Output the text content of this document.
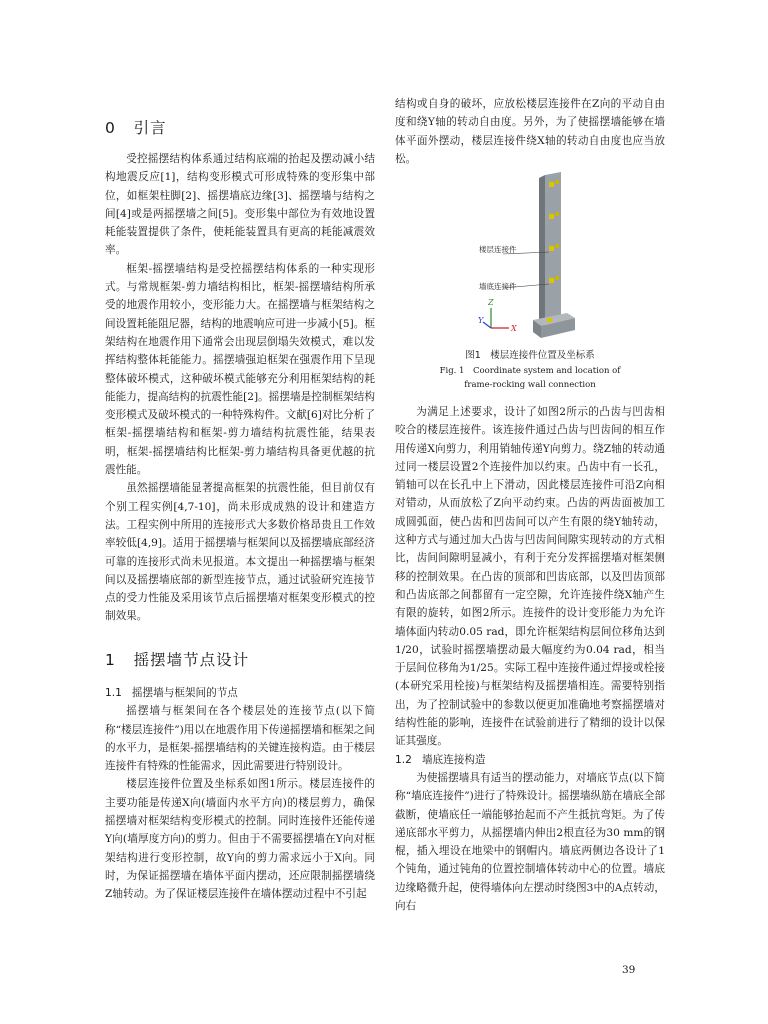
0 引言

受控摇摆结构体系通过结构底端的抬起及摆动减小结构地震反应[1]，结构变形模式可形成特殊的变形集中部位，如框架柱脚[2]、摇摆墙底边缘[3]、摇摆墙与结构之间[4]或是两摇摆墙之间[5]。变形集中部位为有效地设置耗能装置提供了条件，使耗能装置具有更高的耗能减震效率。

框架-摇摆墙结构是受控摇摆结构体系的一种实现形式。与常规框架-剪力墙结构相比，框架-摇摆墙结构所承受的地震作用较小，变形能力大。在摇摆墙与框架结构之间设置耗能阻尼器，结构的地震响应可进一步减小[5]。框架结构在地震作用下通常会出现层倒塌失效模式，难以发挥结构整体耗能能力。摇摆墙强迫框架在强震作用下呈现整体破坏模式，这种破坏模式能够充分利用框架结构的耗能能力，提高结构的抗震性能[2]。摇摆墙是控制框架结构变形模式及破坏模式的一种特殊构件。文献[6]对比分析了框架-摇摆墙结构和框架-剪力墙结构抗震性能，结果表明，框架-摇摆墙结构比框架-剪力墙结构具备更优越的抗震性能。

虽然摇摆墙能显著提高框架的抗震性能，但目前仅有个别工程实例[4,7-10]，尚未形成成熟的设计和建造方法。工程实例中所用的连接形式大多数价格昂贵且工作效率较低[4,9]。适用于摇摆墙与框架间以及摇摆墙底部经济可靠的连接形式尚未见报道。本文提出一种摇摆墙与框架间以及摇摆墙底部的新型连接节点，通过试验研究连接节点的受力性能及采用该节点后摇摆墙对框架变形模式的控制效果。

1 摇摆墙节点设计

1.1 摇摆墙与框架间的节点

摇摆墙与框架间在各个楼层处的连接节点(以下简称“楼层连接件”)用以在地震作用下传递摇摆墙和框架之间的水平力，是框架-摇摆墙结构的关键连接构造。由于楼层连接件有特殊的性能需求，因此需要进行特别设计。

楼层连接件位置及坐标系如图1所示。楼层连接件的主要功能是传递X向(墙面内水平方向)的楼层剪力，确保摇摆墙对框架结构变形模式的控制。同时连接件还能传递Y向(墙厚度方向)的剪力。但由于不需要摇摆墙在Y向对框架结构进行变形控制，故Y向的剪力需求远小于X向。同时，为保证摇摆墙在墙体平面内摆动，还应限制摇摆墙绕Z轴转动。为了保证楼层连接件在墙体摆动过程中不引起

结构或自身的破坏，应放松楼层连接件在Z向的平动自由度和绕Y轴的转动自由度。另外，为了使摇摆墙能够在墙体平面外摆动，楼层连接件绕X轴的转动自由度也应当放松。

楼层连接件
墙底连接件
Z
Y
X
图1　楼层连接件位置及坐标系
Fig. 1　Coordinate system and location of
frame-rocking wall connection

为满足上述要求，设计了如图2所示的凸齿与凹齿相咬合的楼层连接件。该连接件通过凸齿与凹齿间的相互作用传递X向剪力，利用销轴传递Y向剪力。绕Z轴的转动通过同一楼层设置2个连接件加以约束。凸齿中有一长孔，销轴可以在长孔中上下滑动，因此楼层连接件可沿Z向相对错动，从而放松了Z向平动约束。凸齿的两齿面被加工成圆弧面，使凸齿和凹齿间可以产生有限的绕Y轴转动，这种方式与通过加大凸齿与凹齿间间隙实现转动的方式相比，齿间间隙明显减小，有利于充分发挥摇摆墙对框架侧移的控制效果。在凸齿的顶部和凹齿底部，以及凹齿顶部和凸齿底部之间都留有一定空隙，允许连接件绕X轴产生有限的旋转，如图2所示。连接件的设计变形能力为允许墙体面内转动0.05 rad，即允许框架结构层间位移角达到1/20，试验时摇摆墙摆动最大幅度约为0.04 rad，相当于层间位移角为1/25。实际工程中连接件通过焊接或栓接(本研究采用栓接)与框架结构及摇摆墙相连。需要特别指出，为了控制试验中的参数以便更加准确地考察摇摆墙对结构性能的影响，连接件在试验前进行了精细的设计以保证其强度。

1.2 墙底连接构造

为使摇摆墙具有适当的摆动能力，对墙底节点(以下简称“墙底连接件”)进行了特殊设计。摇摆墙纵筋在墙底全部截断，使墙底任一端能够抬起而不产生抵抗弯矩。为了传递底部水平剪力，从摇摆墙内伸出2根直径为30 mm的钢棍，插入埋设在地梁中的钢帽内。墙底两侧边各设计了1个钝角，通过钝角的位置控制墙体转动中心的位置。墙底边缘略微升起，使得墙体向左摆动时绕图3中的A点转动，向右

39
